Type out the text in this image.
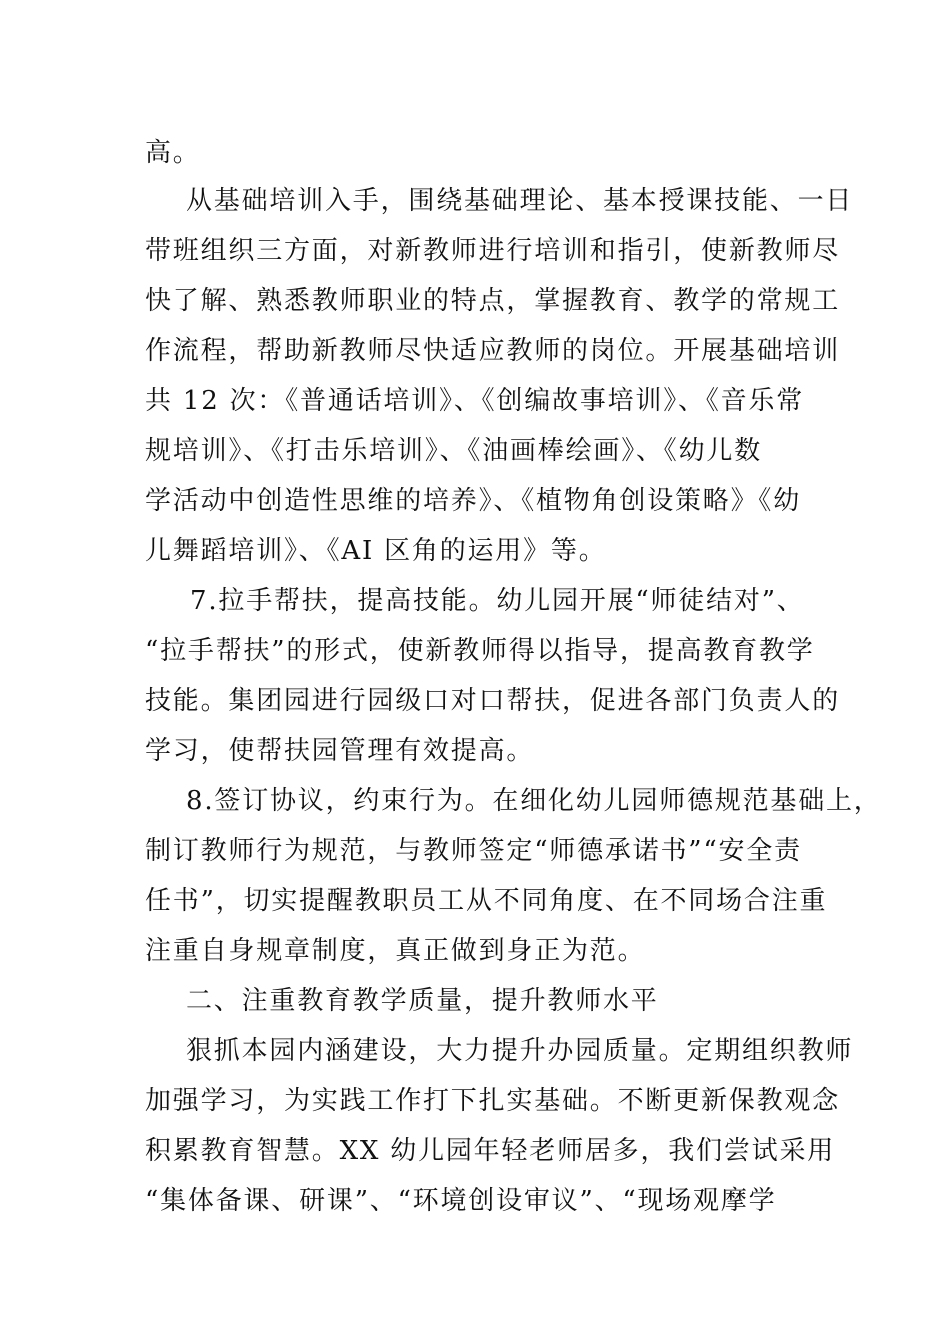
高。
从基础培训入手，围绕基础理论、基本授课技能、一日
带班组织三方面，对新教师进行培训和指引，使新教师尽
快了解、熟悉教师职业的特点，掌握教育、教学的常规工
作流程，帮助新教师尽快适应教师的岗位。开展基础培训
共 12 次：《普通话培训》、《创编故事培训》、《音乐常
规培训》、《打击乐培训》、《油画棒绘画》、《幼儿数
学活动中创造性思维的培养》、《植物角创设策略》《幼
儿舞蹈培训》、《AI 区角的运用》等。
7.拉手帮扶，提高技能。幼儿园开展“师徒结对”、
“拉手帮扶”的形式，使新教师得以指导，提高教育教学
技能。集团园进行园级口对口帮扶，促进各部门负责人的
学习，使帮扶园管理有效提高。
8.签订协议，约束行为。在细化幼儿园师德规范基础上，
制订教师行为规范，与教师签定“师德承诺书”“安全责
任书”，切实提醒教职员工从不同角度、在不同场合注重
注重自身规章制度，真正做到身正为范。
二、注重教育教学质量，提升教师水平
狠抓本园内涵建设，大力提升办园质量。定期组织教师
加强学习，为实践工作打下扎实基础。不断更新保教观念
积累教育智慧。XX 幼儿园年轻老师居多，我们尝试采用
“集体备课、研课”、“环境创设审议”、“现场观摩学
